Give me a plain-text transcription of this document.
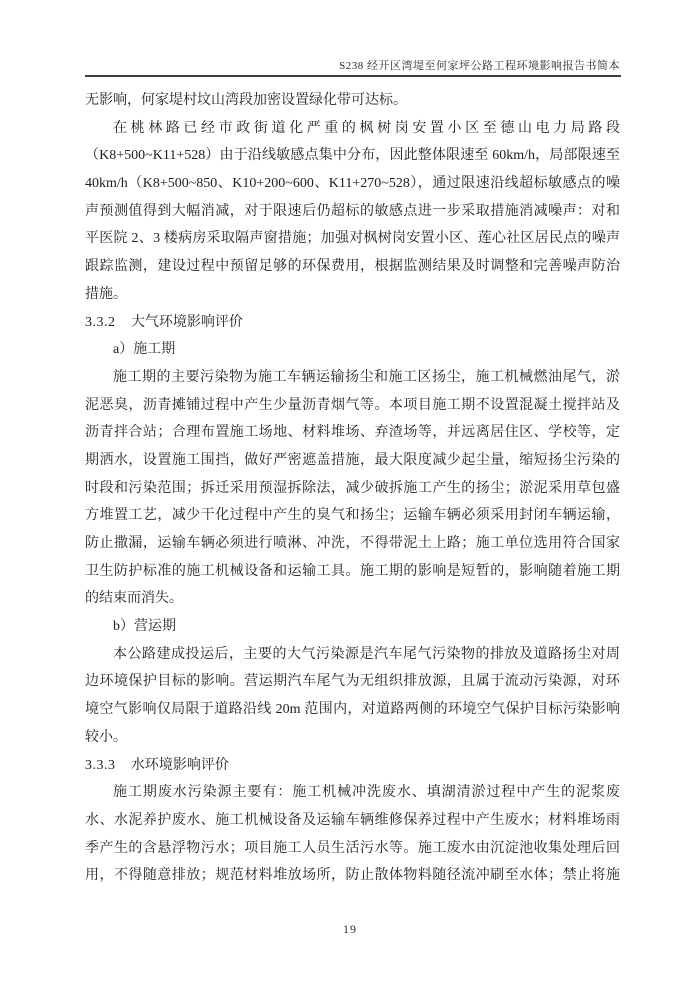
S238 经开区湾堤至何家坪公路工程环境影响报告书简本
无影响，何家堤村坟山湾段加密设置绿化带可达标。
在桃林路已经市政街道化严重的枫树岗安置小区至德山电力局路段
（K8+500~K11+528）由于沿线敏感点集中分布，因此整体限速至 60km/h，局部限速至
40km/h（K8+500~850、K10+200~600、K11+270~528），通过限速沿线超标敏感点的噪
声预测值得到大幅消减，对于限速后仍超标的敏感点进一步采取措施消减噪声：对和
平医院 2、3 楼病房采取隔声窗措施；加强对枫树岗安置小区、莲心社区居民点的噪声
跟踪监测，建设过程中预留足够的环保费用，根据监测结果及时调整和完善噪声防治
措施。
3.3.2 大气环境影响评价
a）施工期
施工期的主要污染物为施工车辆运输扬尘和施工区扬尘，施工机械燃油尾气，淤
泥恶臭，沥青摊铺过程中产生少量沥青烟气等。本项目施工期不设置混凝土搅拌站及
沥青拌合站；合理布置施工场地、材料堆场、弃渣场等，并远离居住区、学校等，定
期洒水，设置施工围挡，做好严密遮盖措施，最大限度减少起尘量，缩短扬尘污染的
时段和污染范围；拆迁采用预湿拆除法，减少破拆施工产生的扬尘；淤泥采用草包盛
方堆置工艺，减少干化过程中产生的臭气和扬尘；运输车辆必须采用封闭车辆运输，
防止撒漏，运输车辆必须进行喷淋、冲洗，不得带泥土上路；施工单位选用符合国家
卫生防护标准的施工机械设备和运输工具。施工期的影响是短暂的，影响随着施工期
的结束而消失。
b）营运期
本公路建成投运后，主要的大气污染源是汽车尾气污染物的排放及道路扬尘对周
边环境保护目标的影响。营运期汽车尾气为无组织排放源，且属于流动污染源，对环
境空气影响仅局限于道路沿线 20m 范围内，对道路两侧的环境空气保护目标污染影响
较小。
3.3.3 水环境影响评价
施工期废水污染源主要有：施工机械冲洗废水、填湖清淤过程中产生的泥浆废
水、水泥养护废水、施工机械设备及运输车辆维修保养过程中产生废水；材料堆场雨
季产生的含悬浮物污水；项目施工人员生活污水等。施工废水由沉淀池收集处理后回
用，不得随意排放；规范材料堆放场所，防止散体物料随径流冲刷至水体；禁止将施
19
